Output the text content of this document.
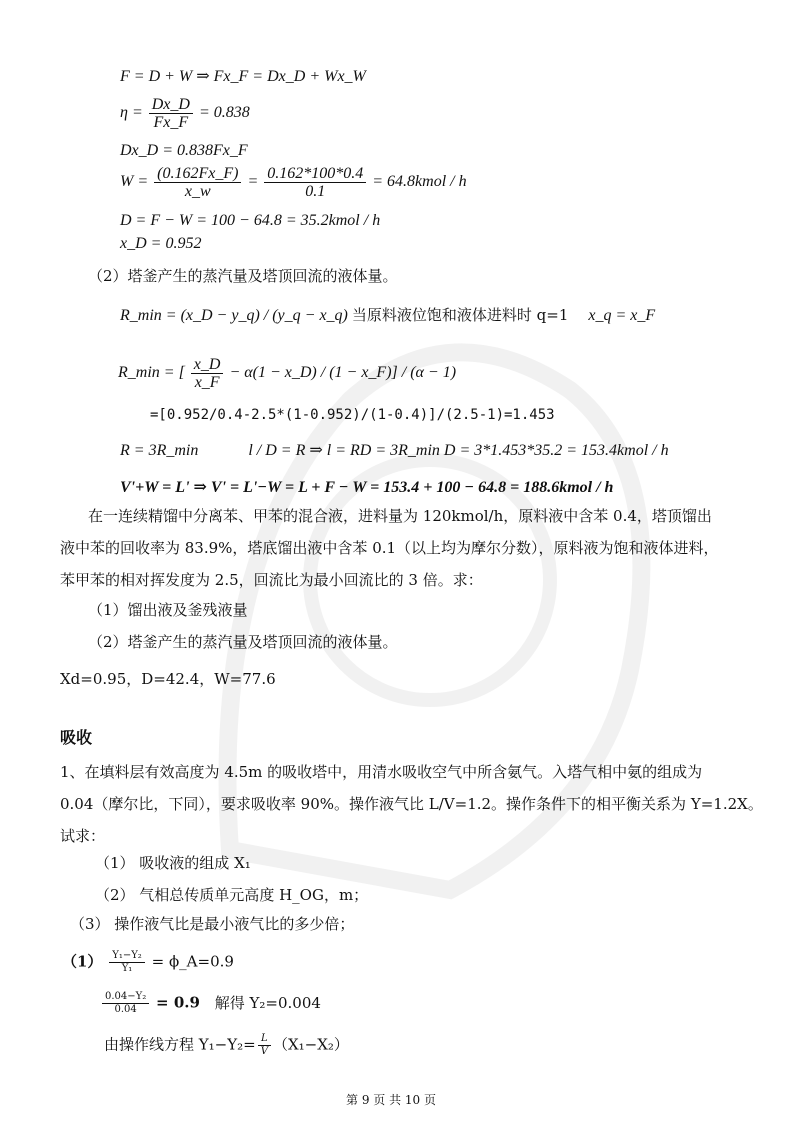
F = D + W ⇒ Fx_F = Dx_D + Wx_W
$\eta = \frac{Dx\_D}{Fx\_F} = 0.838$
Dx_D = 0.838Fx_F
$W = \frac{(0.162Fx\_F)}{x\_w} = \frac{0.162*100*0.4}{0.1}$ = 64.8kmol / h
D = F − W = 100 − 64.8 = 35.2kmol / h
x_D = 0.952
（2）塔釜产生的蒸汽量及塔顶回流的液体量。
R_min = (x_D − y_q) / (y_q − x_q) 当原料液位饱和液体进料时 q=1 x_q = x_F
R_min = [ $\frac{x\_D}{x\_F} - \alpha(1$ − x_D) / (1 − x_F)] / (α − 1)
=[0.952/0.4-2.5*(1-0.952)/(1-0.4)]/(2.5-1)=1.453
R = 3R_min	l / D = R ⇒ l = RD = 3R_min D = 3*1.453*35.2 = 153.4kmol / h
V'+W = L' ⇒ V' = L'−W = L + F − W = 153.4 + 100 − 64.8 = 188.6kmol / h
在一连续精馏中分离苯、甲苯的混合液，进料量为 120kmol/h，原料液中含苯 0.4，塔顶馏出
液中苯的回收率为 83.9%，塔底馏出液中含苯 0.1（以上均为摩尔分数），原料液为饱和液体进料，
苯甲苯的相对挥发度为 2.5，回流比为最小回流比的 3 倍。求：
（1）馏出液及釜残液量
（2）塔釜产生的蒸汽量及塔顶回流的液体量。
Xd=0.95，D=42.4，W=77.6
吸收
1、在填料层有效高度为 4.5m 的吸收塔中，用清水吸收空气中所含氨气。入塔气相中氨的组成为
0.04（摩尔比，下同），要求吸收率 90%。操作液气比 L/V=1.2。操作条件下的相平衡关系为 Y=1.2X。
试求：
（1） 吸收液的组成 X₁
（2） 气相总传质单元高度 H_OG，m；
（3） 操作液气比是最小液气比的多少倍；
$(1) \frac{\text{Y₁−Y₂}}{\text{Y₁}}$ = ϕ_A=0.9
$\frac{\text{0.04−Y₂}}{0.04} = 0.9$ 解得 Y₂=0.004
由操作线方程 $Y_1-Y_2= \frac{L}{V} (X_1-X_2)$
第 9 页 共 10 页
